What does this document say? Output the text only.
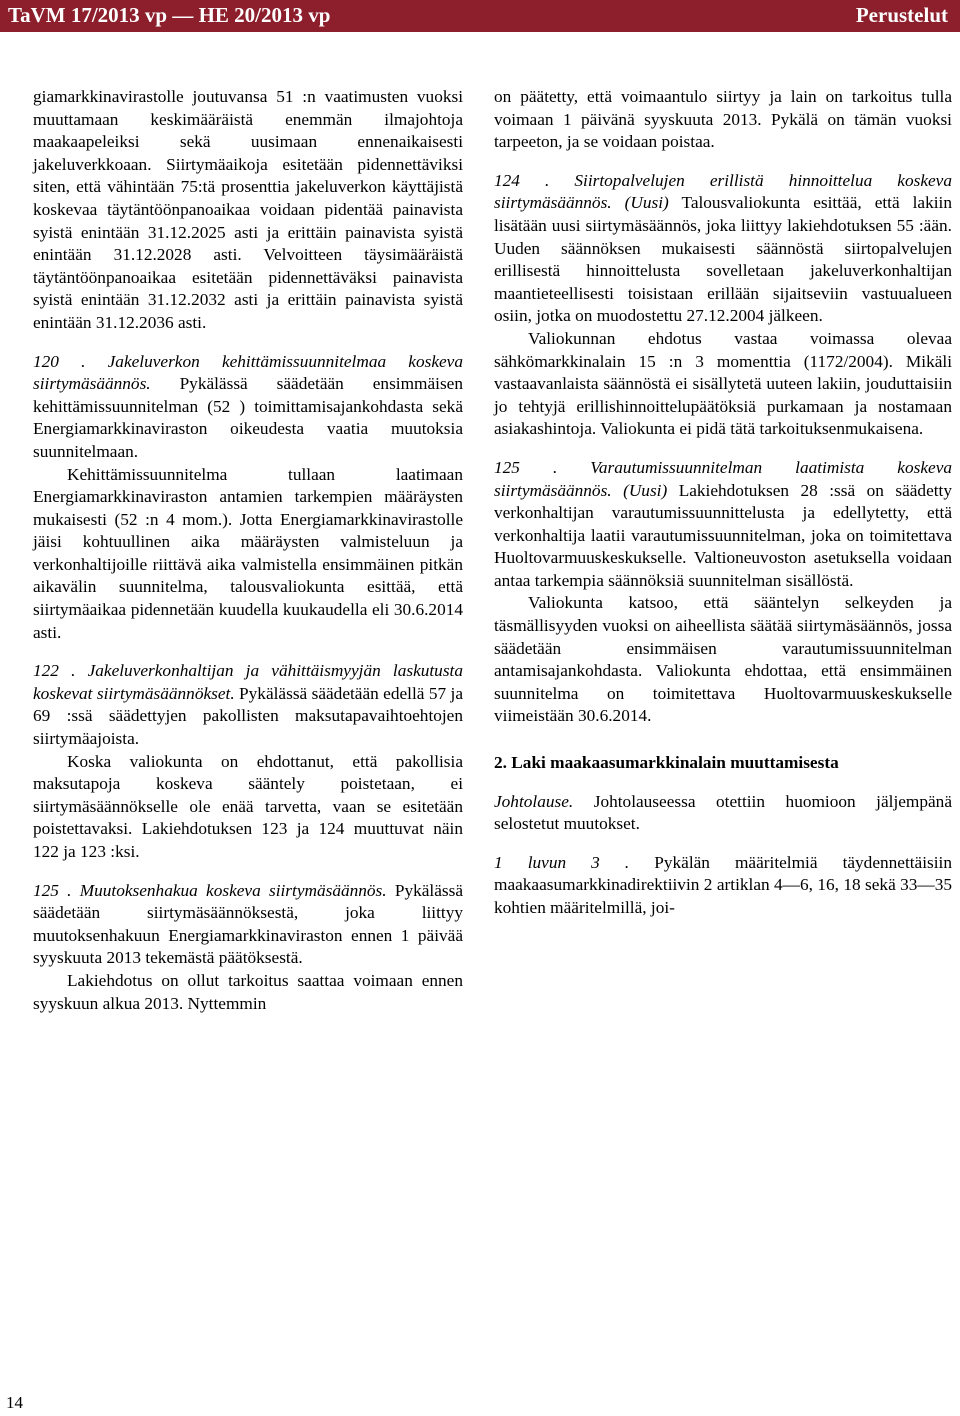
TaVM 17/2013 vp — HE 20/2013 vp	Perustelut

giamarkkinavirastolle joutuvansa 51 :n vaatimusten vuoksi muuttamaan keskimääräistä enemmän ilmajohtoja maakaapeleiksi sekä uusimaan ennenaikaisesti jakeluverkkoaan. Siirtymäaikoja esitetään pidennettäviksi siten, että vähintään 75:tä prosenttia jakeluverkon käyttäjistä koskevaa täytäntöönpanoaikaa voidaan pidentää painavista syistä enintään 31.12.2025 asti ja erittäin painavista syistä enintään 31.12.2028 asti. Velvoitteen täysimääräistä täytäntöönpanoaikaa esitetään pidennettäväksi painavista syistä enintään 31.12.2032 asti ja erittäin painavista syistä enintään 31.12.2036 asti.

120 . Jakeluverkon kehittämissuunnitelmaa koskeva siirtymäsäännös. Pykälässä säädetään ensimmäisen kehittämissuunnitelman (52 ) toimittamisajankohdasta sekä Energiamarkkinaviraston oikeudesta vaatia muutoksia suunnitelmaan.

Kehittämissuunnitelma tullaan laatimaan Energiamarkkinaviraston antamien tarkempien määräysten mukaisesti (52 :n 4 mom.). Jotta Energiamarkkinavirastolle jäisi kohtuullinen aika määräysten valmisteluun ja verkonhaltijoille riittävä aika valmistella ensimmäinen pitkän aikavälin suunnitelma, talousvaliokunta esittää, että siirtymäaikaa pidennetään kuudella kuukaudella eli 30.6.2014 asti.

122 . Jakeluverkonhaltijan ja vähittäismyyjän laskutusta koskevat siirtymäsäännökset. Pykälässä säädetään edellä 57 ja 69 :ssä säädettyjen pakollisten maksutapavaihtoehtojen siirtymäajoista.

Koska valiokunta on ehdottanut, että pakollisia maksutapoja koskeva sääntely poistetaan, ei siirtymäsäännökselle ole enää tarvetta, vaan se esitetään poistettavaksi. Lakiehdotuksen 123 ja 124 muuttuvat näin 122 ja 123 :ksi.

125 . Muutoksenhakua koskeva siirtymäsäännös. Pykälässä säädetään siirtymäsäännöksestä, joka liittyy muutoksenhakuun Energiamarkkinaviraston ennen 1 päivää syyskuuta 2013 tekemästä päätöksestä.

Lakiehdotus on ollut tarkoitus saattaa voimaan ennen syyskuun alkua 2013. Nyttemmin

on päätetty, että voimaantulo siirtyy ja lain on tarkoitus tulla voimaan 1 päivänä syyskuuta 2013. Pykälä on tämän vuoksi tarpeeton, ja se voidaan poistaa.

124 . Siirtopalvelujen erillistä hinnoittelua koskeva siirtymäsäännös. (Uusi) Talousvaliokunta esittää, että lakiin lisätään uusi siirtymäsäännös, joka liittyy lakiehdotuksen 55 :ään. Uuden säännöksen mukaisesti säännöstä siirtopalvelujen erillisestä hinnoittelusta sovelletaan jakeluverkonhaltijan maantieteellisesti toisistaan erillään sijaitseviin vastuualueen osiin, jotka on muodostettu 27.12.2004 jälkeen.

Valiokunnan ehdotus vastaa voimassa olevaa sähkömarkkinalain 15 :n 3 momenttia (1172/2004). Mikäli vastaavanlaista säännöstä ei sisällytetä uuteen lakiin, jouduttaisiin jo tehtyjä erillishinnoittelupäätöksiä purkamaan ja nostamaan asiakashintoja. Valiokunta ei pidä tätä tarkoituksenmukaisena.

125 . Varautumissuunnitelman laatimista koskeva siirtymäsäännös. (Uusi) Lakiehdotuksen 28 :ssä on säädetty verkonhaltijan varautumissuunnittelusta ja edellytetty, että verkonhaltija laatii varautumissuunnitelman, joka on toimitettava Huoltovarmuuskeskukselle. Valtioneuvoston asetuksella voidaan antaa tarkempia säännöksiä suunnitelman sisällöstä.

Valiokunta katsoo, että sääntelyn selkeyden ja täsmällisyyden vuoksi on aiheellista säätää siirtymäsäännös, jossa säädetään ensimmäisen varautumissuunnitelman antamisajankohdasta. Valiokunta ehdottaa, että ensimmäinen suunnitelma on toimitettava Huoltovarmuuskeskukselle viimeistään 30.6.2014.

2. Laki maakaasumarkkinalain muuttamisesta

Johtolause. Johtolauseessa otettiin huomioon jäljempänä selostetut muutokset.

1 luvun 3 . Pykälän määritelmiä täydennettäisiin maakaasumarkkinadirektiivin 2 artiklan 4—6, 16, 18 sekä 33—35 kohtien määritelmillä, joi-

14
